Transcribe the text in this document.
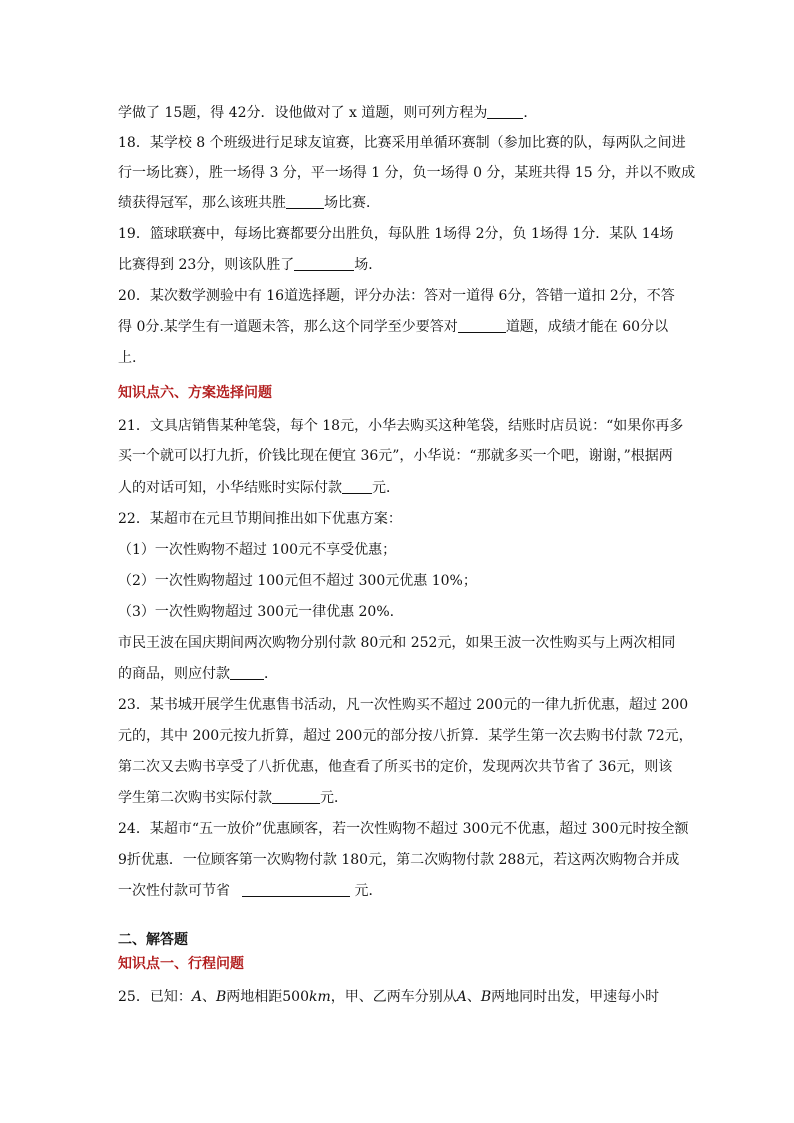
学做了 15题，得 42分．设他做对了 x 道题，则可列方程为	．
18．某学校 8 个班级进行足球友谊赛，比赛采用单循环赛制（参加比赛的队，每两队之间进
行一场比赛），胜一场得 3 分，平一场得 1 分，负一场得 0 分，某班共得 15 分，并以不败成
绩获得冠军，那么该班共胜	场比赛．
19．篮球联赛中，每场比赛都要分出胜负，每队胜 1场得 2分，负 1场得 1分．某队 14场
比赛得到 23分，则该队胜了	场．
20．某次数学测验中有 16道选择题，评分办法：答对一道得 6分，答错一道扣 2分，不答
得 0分.某学生有一道题未答，那么这个同学至少要答对	道题，成绩才能在 60分以
上.
知识点六、方案选择问题
21．文具店销售某种笔袋，每个 18元，小华去购买这种笔袋，结账时店员说：“如果你再多
买一个就可以打九折，价钱比现在便宜 36元”，小华说：“那就多买一个吧，谢谢，”根据两
人的对话可知，小华结账时实际付款 元．
22．某超市在元旦节期间推出如下优惠方案：
（1）一次性购物不超过 100元不享受优惠；
（2）一次性购物超过 100元但不超过 300元优惠 10%；
（3）一次性购物超过 300元一律优惠 20%.
市民王波在国庆期间两次购物分别付款 80元和 252元，如果王波一次性购买与上两次相同
的商品，则应付款 ．
23．某书城开展学生优惠售书活动，凡一次性购买不超过 200元的一律九折优惠，超过 200
元的，其中 200元按九折算，超过 200元的部分按八折算．某学生第一次去购书付款 72元，
第二次又去购书享受了八折优惠，他查看了所买书的定价，发现两次共节省了 36元，则该
学生第二次购书实际付款	元．
24．某超市“五一放价”优惠顾客，若一次性购物不超过 300元不优惠，超过 300元时按全额
9折优惠．一位顾客第一次购物付款 180元，第二次购物付款 288元，若这两次购物合并成
一次性付款可节省	元．
二、解答题
知识点一、行程问题
25．已知：A、B两地相距500km，甲、乙两车分别从A、B两地同时出发，甲速每小时
